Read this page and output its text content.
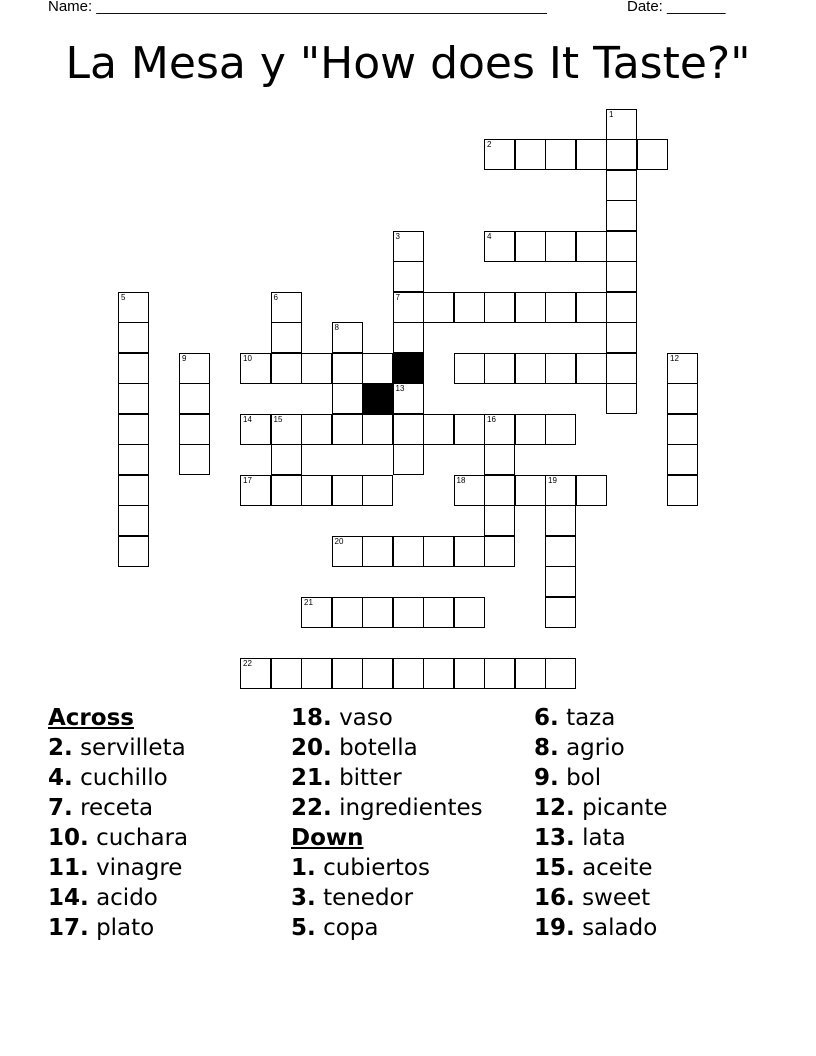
Name: ______________________________________________________	Date: _______
La Mesa y "How does It Taste?"
1
2
3	4
5	6	7
8
9	10	12
13
14	15	16
17	18	19
20
21
22
Across
2. servilleta
4. cuchillo
7. receta
10. cuchara
11. vinagre
14. acido
17. plato
18. vaso
20. botella
21. bitter
22. ingredientes
Down
1. cubiertos
3. tenedor
5. copa
6. taza
8. agrio
9. bol
12. picante
13. lata
15. aceite
16. sweet
19. salado
